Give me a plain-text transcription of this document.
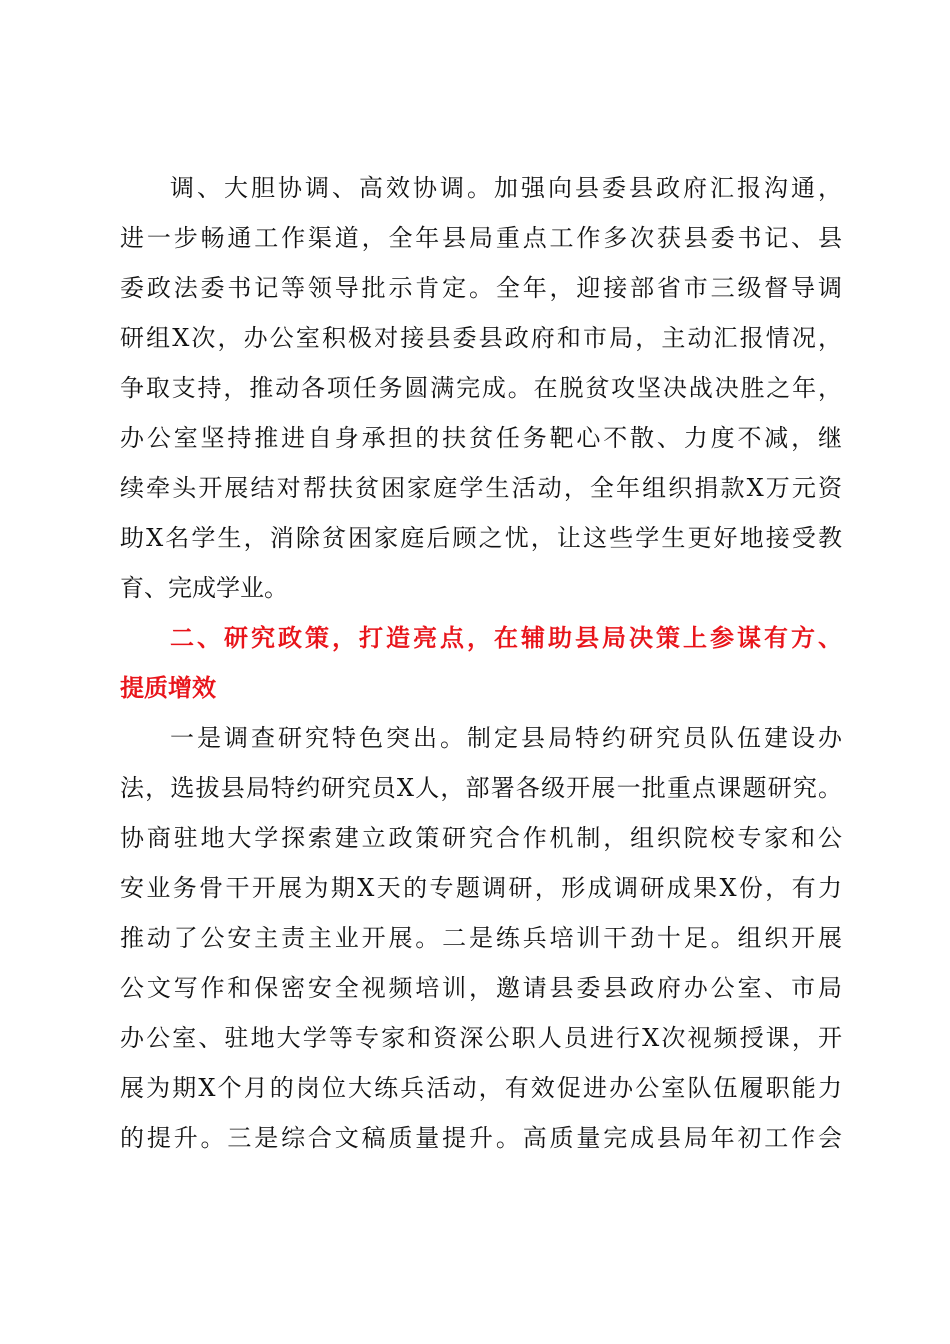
调、大胆协调、高效协调。加强向县委县政府汇报沟通，
进一步畅通工作渠道，全年县局重点工作多次获县委书记、县
委政法委书记等领导批示肯定。全年，迎接部省市三级督导调
研组X次，办公室积极对接县委县政府和市局，主动汇报情况，
争取支持，推动各项任务圆满完成。在脱贫攻坚决战决胜之年，
办公室坚持推进自身承担的扶贫任务靶心不散、力度不减，继
续牵头开展结对帮扶贫困家庭学生活动，全年组织捐款X万元资
助X名学生，消除贫困家庭后顾之忧，让这些学生更好地接受教
育、完成学业。
二、研究政策，打造亮点，在辅助县局决策上参谋有方、
提质增效
一是调查研究特色突出。制定县局特约研究员队伍建设办
法，选拔县局特约研究员X人，部署各级开展一批重点课题研究。
协商驻地大学探索建立政策研究合作机制，组织院校专家和公
安业务骨干开展为期X天的专题调研，形成调研成果X份，有力
推动了公安主责主业开展。二是练兵培训干劲十足。组织开展
公文写作和保密安全视频培训，邀请县委县政府办公室、市局
办公室、驻地大学等专家和资深公职人员进行X次视频授课，开
展为期X个月的岗位大练兵活动，有效促进办公室队伍履职能力
的提升。三是综合文稿质量提升。高质量完成县局年初工作会
